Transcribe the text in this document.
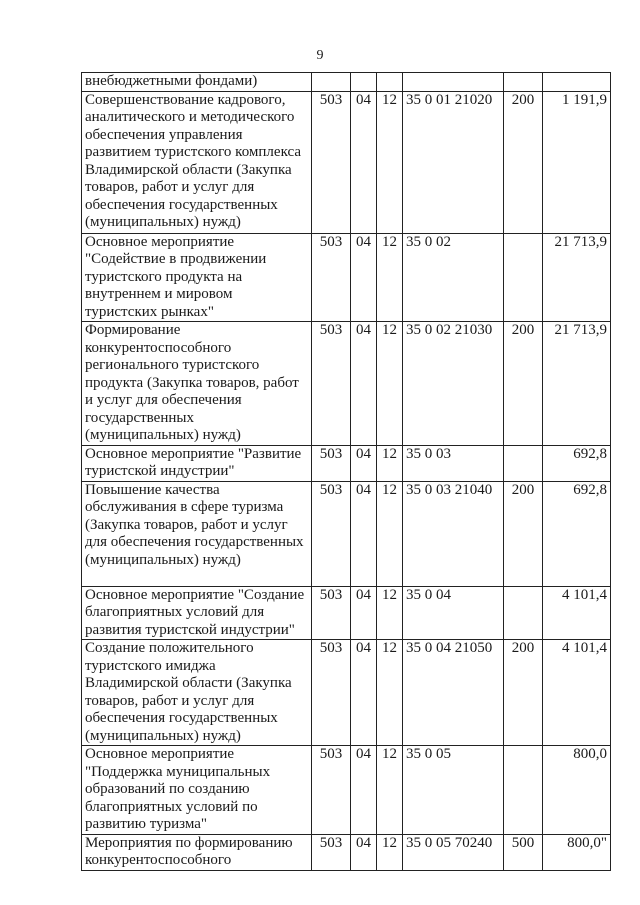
9
внебюджетными фондами)						
Совершенствование кадрового, аналитического и методического обеспечения управления развитием туристского комплекса Владимирской области (Закупка товаров, работ и услуг для обеспечения государственных (муниципальных) нужд)	503	04	12	35 0 01 21020	200	1 191,9
Основное мероприятие "Содействие в продвижении туристского продукта на внутреннем и мировом туристских рынках"	503	04	12	35 0 02		21 713,9
Формирование конкурентоспособного регионального туристского продукта (Закупка товаров, работ и услуг для обеспечения государственных (муниципальных) нужд)	503	04	12	35 0 02 21030	200	21 713,9
Основное мероприятие "Развитие туристской индустрии"	503	04	12	35 0 03		692,8
Повышение качества обслуживания в сфере туризма (Закупка товаров, работ и услуг для обеспечения государственных (муниципальных) нужд)	503	04	12	35 0 03 21040	200	692,8
Основное мероприятие "Создание благоприятных условий для развития туристской индустрии"	503	04	12	35 0 04		4 101,4
Создание положительного туристского имиджа Владимирской области (Закупка товаров, работ и услуг для обеспечения государственных (муниципальных) нужд)	503	04	12	35 0 04 21050	200	4 101,4
Основное мероприятие "Поддержка муниципальных образований по созданию благоприятных условий по развитию туризма"	503	04	12	35 0 05		800,0
Мероприятия по формированию конкурентоспособного	503	04	12	35 0 05 70240	500	800,0"
